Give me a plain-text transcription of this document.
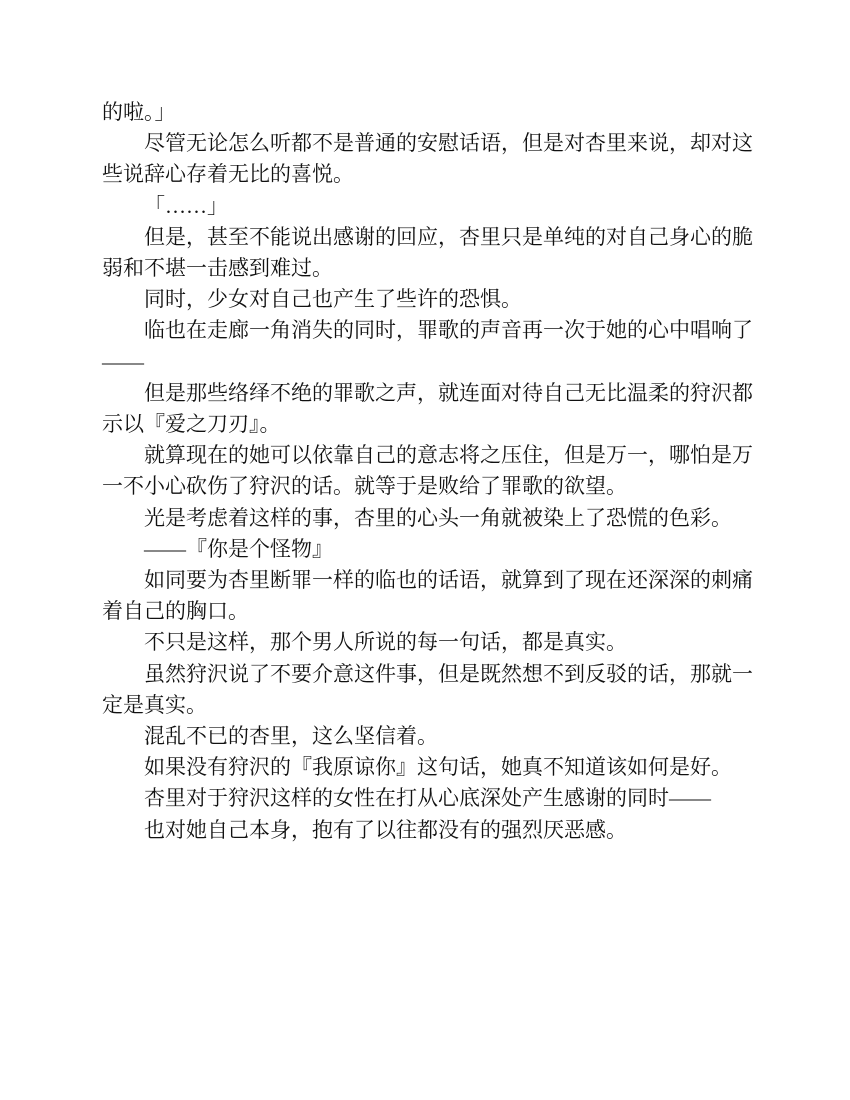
的啦。」

尽管无论怎么听都不是普通的安慰话语，但是对杏里来说，却对这
些说辞心存着无比的喜悦。

「……」

但是，甚至不能说出感谢的回应，杏里只是单纯的对自己身心的脆
弱和不堪一击感到难过。

同时，少女对自己也产生了些许的恐惧。

临也在走廊一角消失的同时，罪歌的声音再一次于她的心中唱响了
——

但是那些络绎不绝的罪歌之声，就连面对待自己无比温柔的狩沢都
示以『爱之刀刃』。

就算现在的她可以依靠自己的意志将之压住，但是万一，哪怕是万
一不小心砍伤了狩沢的话。就等于是败给了罪歌的欲望。

光是考虑着这样的事，杏里的心头一角就被染上了恐慌的色彩。

——『你是个怪物』

如同要为杏里断罪一样的临也的话语，就算到了现在还深深的刺痛
着自己的胸口。

不只是这样，那个男人所说的每一句话，都是真实。

虽然狩沢说了不要介意这件事，但是既然想不到反驳的话，那就一
定是真实。

混乱不已的杏里，这么坚信着。

如果没有狩沢的『我原谅你』这句话，她真不知道该如何是好。

杏里对于狩沢这样的女性在打从心底深处产生感谢的同时——

也对她自己本身，抱有了以往都没有的强烈厌恶感。
